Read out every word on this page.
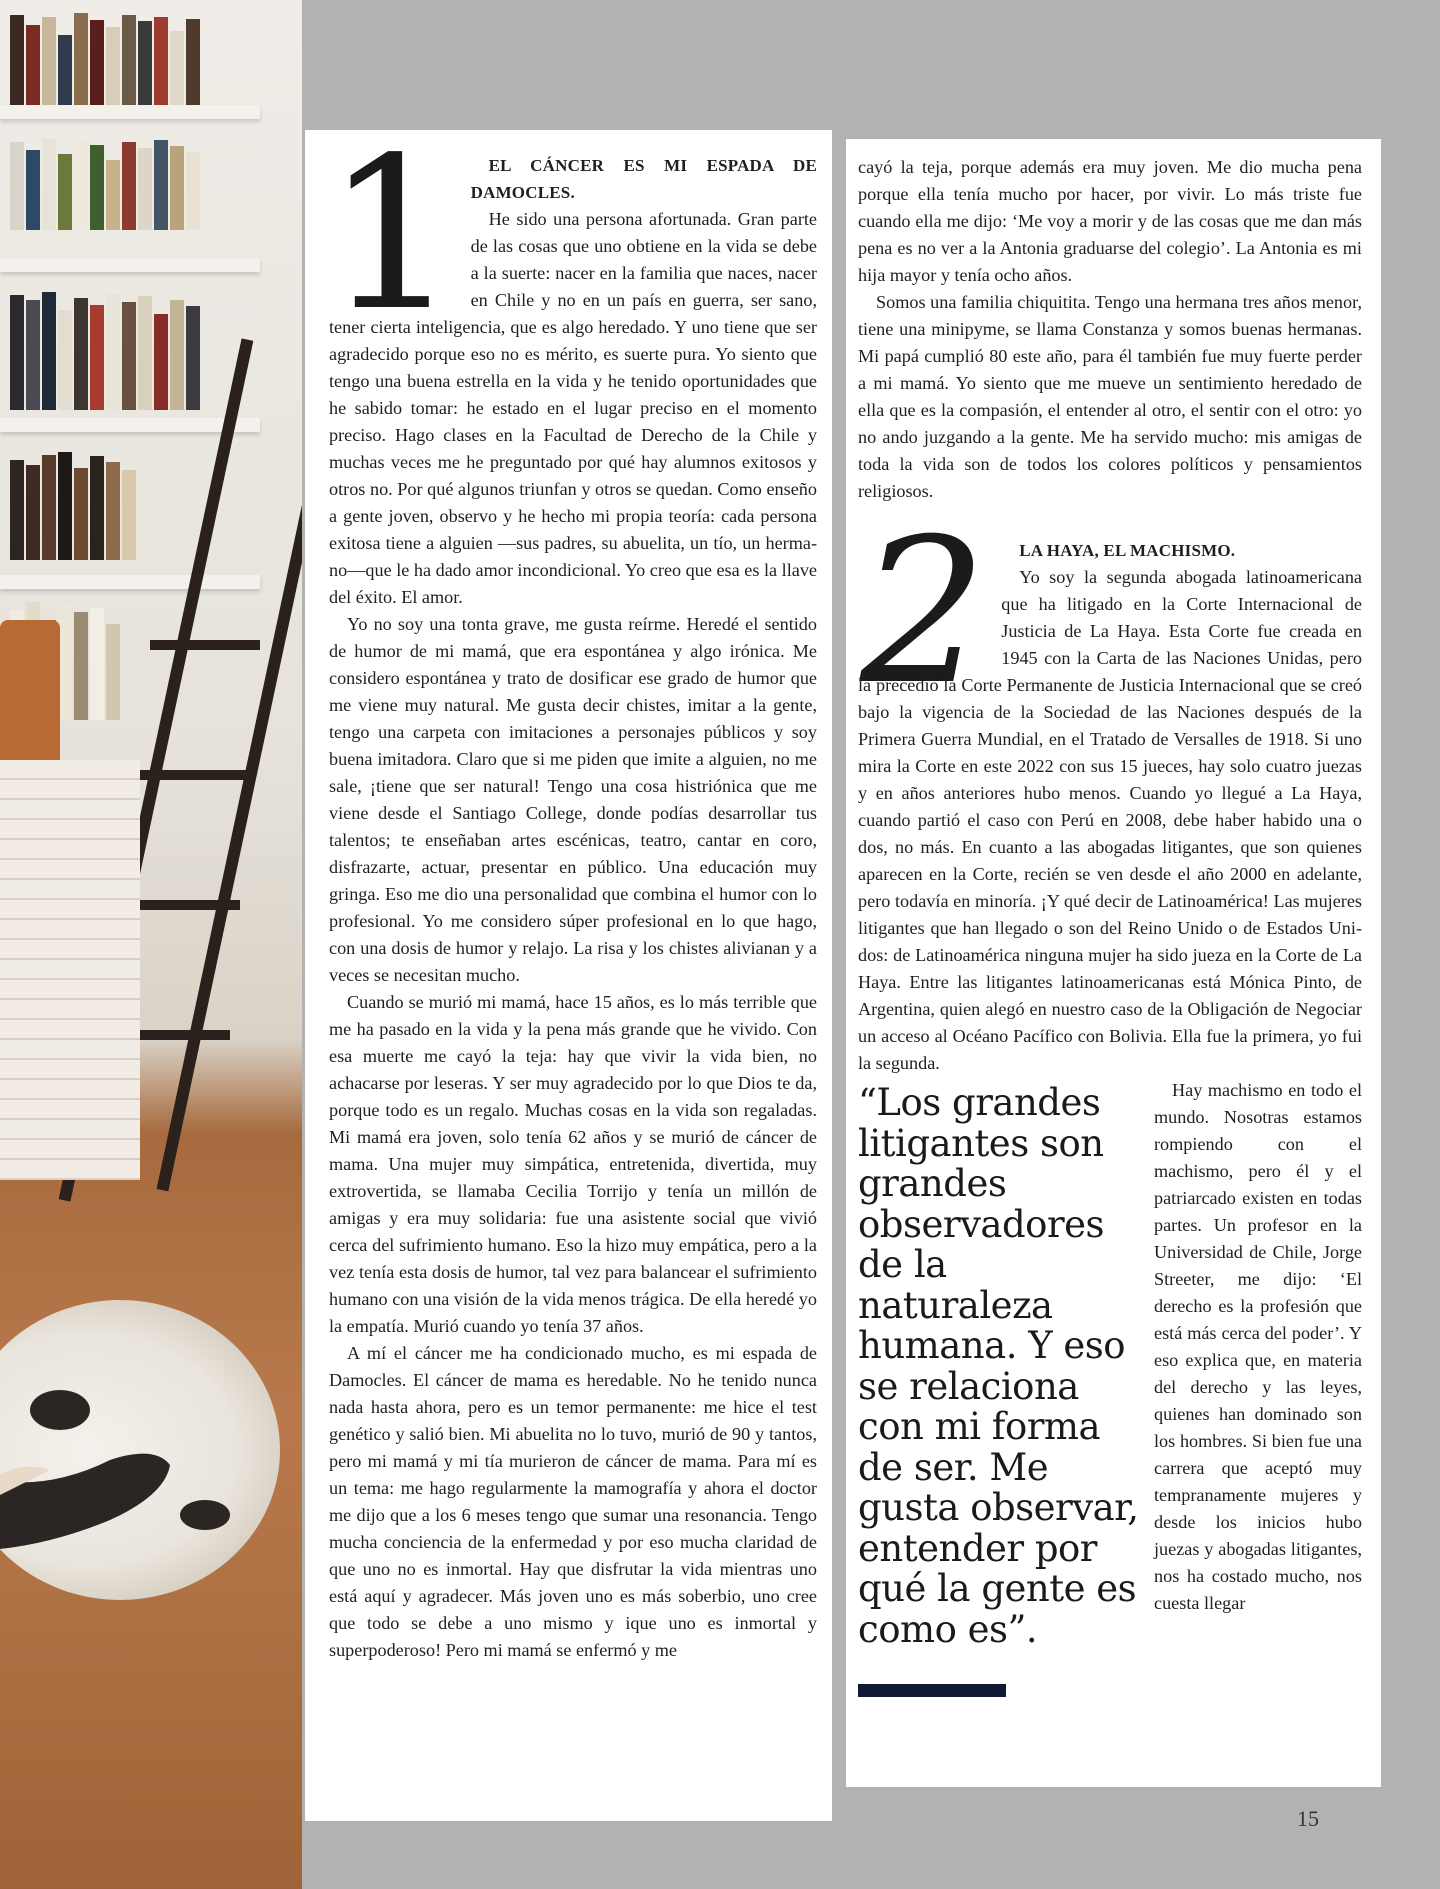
1	EL CÁNCER ES MI ESPADA DE DAMOCLES.

He sido una persona afortunada. Gran parte de las cosas que uno obtiene en la vida se debe a la suerte: nacer en la familia que naces, nacer en Chile y no en un país en guerra, ser sano, tener cierta inteligencia, que es algo heredado. Y uno tiene que ser agradecido porque eso no es mérito, es suerte pura. Yo siento que tengo una buena estrella en la vida y he tenido oportunidades que he sabido tomar: he estado en el lugar preciso en el momento preciso. Hago clases en la Facultad de Derecho de la Chile y muchas veces me he preguntado por qué hay alumnos exitosos y otros no. Por qué algunos triunfan y otros se quedan. Como enseño a gente joven, observo y he hecho mi propia teoría: cada persona exitosa tiene a alguien —sus padres, su abuelita, un tío, un hermano—que le ha dado amor incondicional. Yo creo que esa es la llave del éxito. El amor.

Yo no soy una tonta grave, me gusta reírme. Heredé el sentido de humor de mi mamá, que era espontánea y algo irónica. Me considero espontánea y trato de dosificar ese grado de humor que me viene muy natural. Me gusta decir chistes, imitar a la gente, tengo una carpeta con imitaciones a personajes públicos y soy buena imitadora. Claro que si me piden que imite a alguien, no me sale, ¡tiene que ser natural! Tengo una cosa histriónica que me viene desde el Santiago College, donde podías desarrollar tus talentos; te enseñaban artes escénicas, teatro, cantar en coro, disfrazarte, actuar, presentar en público. Una educación muy gringa. Eso me dio una personalidad que combina el humor con lo profesional. Yo me considero súper profesional en lo que hago, con una dosis de humor y relajo. La risa y los chistes alivianan y a veces se necesitan mucho.

Cuando se murió mi mamá, hace 15 años, es lo más terrible que me ha pasado en la vida y la pena más grande que he vivido. Con esa muerte me cayó la teja: hay que vivir la vida bien, no achacarse por leseras. Y ser muy agradecido por lo que Dios te da, porque todo es un regalo. Muchas cosas en la vida son regaladas. Mi mamá era joven, solo tenía 62 años y se murió de cáncer de mama. Una mujer muy simpática, entretenida, divertida, muy extrovertida, se llamaba Cecilia Torrijo y tenía un millón de amigas y era muy solidaria: fue una asistente social que vivió cerca del sufrimiento humano. Eso la hizo muy empática, pero a la vez tenía esta dosis de humor, tal vez para balancear el sufrimiento humano con una visión de la vida menos trágica. De ella heredé yo la empatía. Murió cuando yo tenía 37 años.

A mí el cáncer me ha condicionado mucho, es mi espada de Damocles. El cáncer de mama es heredable. No he tenido nunca nada hasta ahora, pero es un temor permanente: me hice el test genético y salió bien. Mi abuelita no lo tuvo, murió de 90 y tantos, pero mi mamá y mi tía murieron de cáncer de mama. Para mí es un tema: me hago regularmente la mamografía y ahora el doctor me dijo que a los 6 meses tengo que sumar una resonancia. Tengo mucha conciencia de la enfermedad y por eso mucha claridad de que uno no es inmortal. Hay que disfrutar la vida mientras uno está aquí y agradecer. Más joven uno es más soberbio, uno cree que todo se debe a uno mismo y ique uno es inmortal y superpoderoso! Pero mi mamá se enfermó y me

cayó la teja, porque además era muy joven. Me dio mucha pena porque ella tenía mucho por hacer, por vivir. Lo más triste fue cuando ella me dijo: ‘Me voy a morir y de las cosas que me dan más pena es no ver a la Antonia graduarse del colegio’. La Antonia es mi hija mayor y tenía ocho años.

Somos una familia chiquitita. Tengo una hermana tres años menor, tiene una minipyme, se llama Constanza y somos buenas hermanas. Mi papá cumplió 80 este año, para él también fue muy fuerte perder a mi mamá. Yo siento que me mueve un sentimiento heredado de ella que es la compasión, el entender al otro, el sentir con el otro: yo no ando juzgando a la gente. Me ha servido mucho: mis amigas de toda la vida son de todos los colores políticos y pensamientos religiosos.

2	LA HAYA, EL MACHISMO.

Yo soy la segunda abogada latinoamericana que ha litigado en la Corte Internacional de Justicia de La Haya. Esta Corte fue creada en 1945 con la Carta de las Naciones Unidas, pero la precedió la Corte Permanente de Justicia Internacional que se creó bajo la vigencia de la Sociedad de las Naciones después de la Primera Guerra Mundial, en el Tratado de Versalles de 1918. Si uno mira la Corte en este 2022 con sus 15 jueces, hay solo cuatro juezas y en años anteriores hubo menos. Cuando yo llegué a La Haya, cuando partió el caso con Perú en 2008, debe haber habido una o dos, no más. En cuanto a las abogadas litigantes, que son quienes aparecen en la Corte, recién se ven desde el año 2000 en adelante, pero todavía en minoría. ¡Y qué decir de Latinoamérica! Las mujeres litigantes que han llegado o son del Reino Unido o de Estados Unidos: de Latinoamérica ninguna mujer ha sido jueza en la Corte de La Haya. Entre las litigantes latinoamericanas está Mónica Pinto, de Argentina, quien alegó en nuestro caso de la Obligación de Negociar un acceso al Océano Pacífico con Bolivia. Ella fue la primera, yo fui la segunda.

“Los grandes litigantes son grandes observadores de la naturaleza humana. Y eso se relaciona con mi forma de ser. Me gusta observar, entender por qué la gente es como es”.

Hay machismo en todo el mundo. Nosotras estamos rompiendo con el machismo, pero él y el patriarcado existen en todas partes. Un profesor en la Universidad de Chile, Jorge Streeter, me dijo: ‘El derecho es la profesión que está más cerca del poder’. Y eso explica que, en materia del derecho y las leyes, quienes han dominado son los hombres. Si bien fue una carrera que aceptó muy tempranamente mujeres y desde los inicios hubo juezas y abogadas litigantes, nos ha costado mucho, nos cuesta llegar

15
